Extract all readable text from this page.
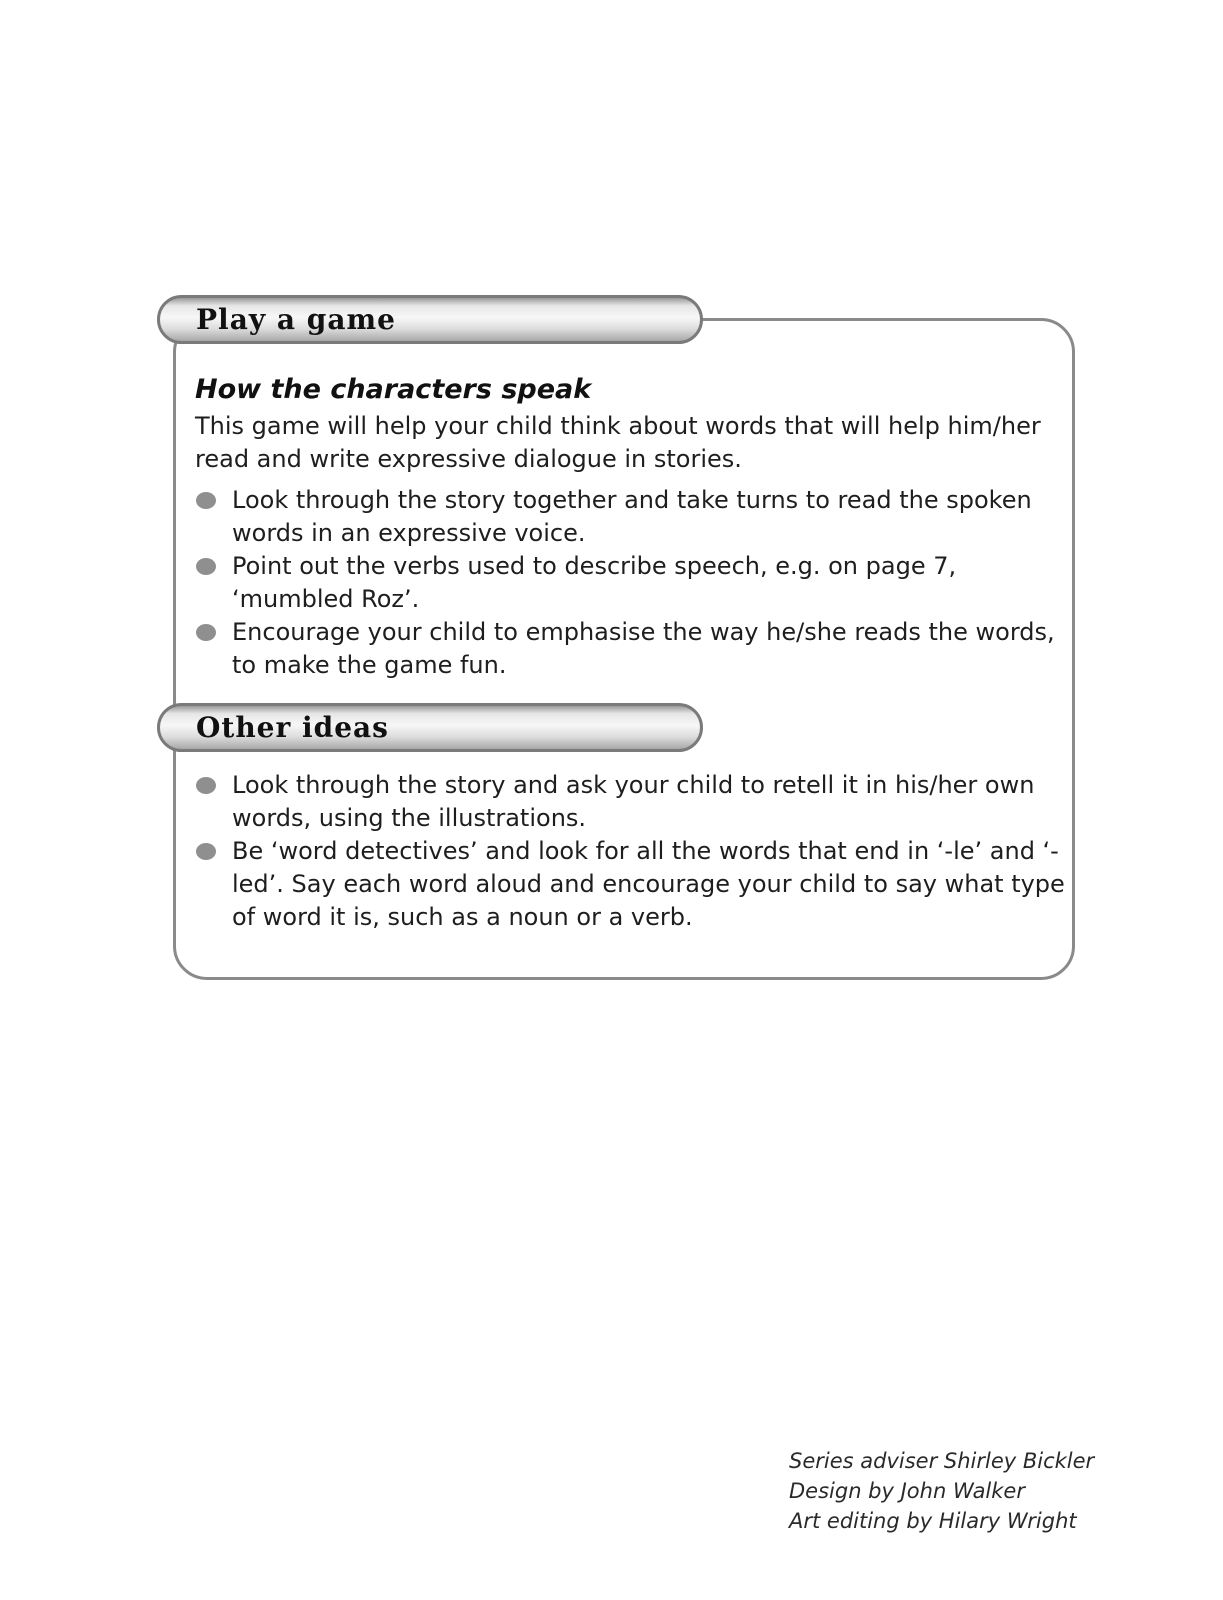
Play a game
How the characters speak

This game will help your child think about words that will help him/her read and write expressive dialogue in stories.

Look through the story together and take turns to read the spoken words in an expressive voice.
Point out the verbs used to describe speech, e.g. on page 7, ‘mumbled Roz’.
Encourage your child to emphasise the way he/she reads the words, to make the game fun.
Other ideas
Look through the story and ask your child to retell it in his/her own words, using the illustrations.
Be ‘word detectives’ and look for all the words that end in ‘-le’ and ‘-led’. Say each word aloud and encourage your child to say what type of word it is, such as a noun or a verb.
Series adviser Shirley Bickler
Design by John Walker
Art editing by Hilary Wright
